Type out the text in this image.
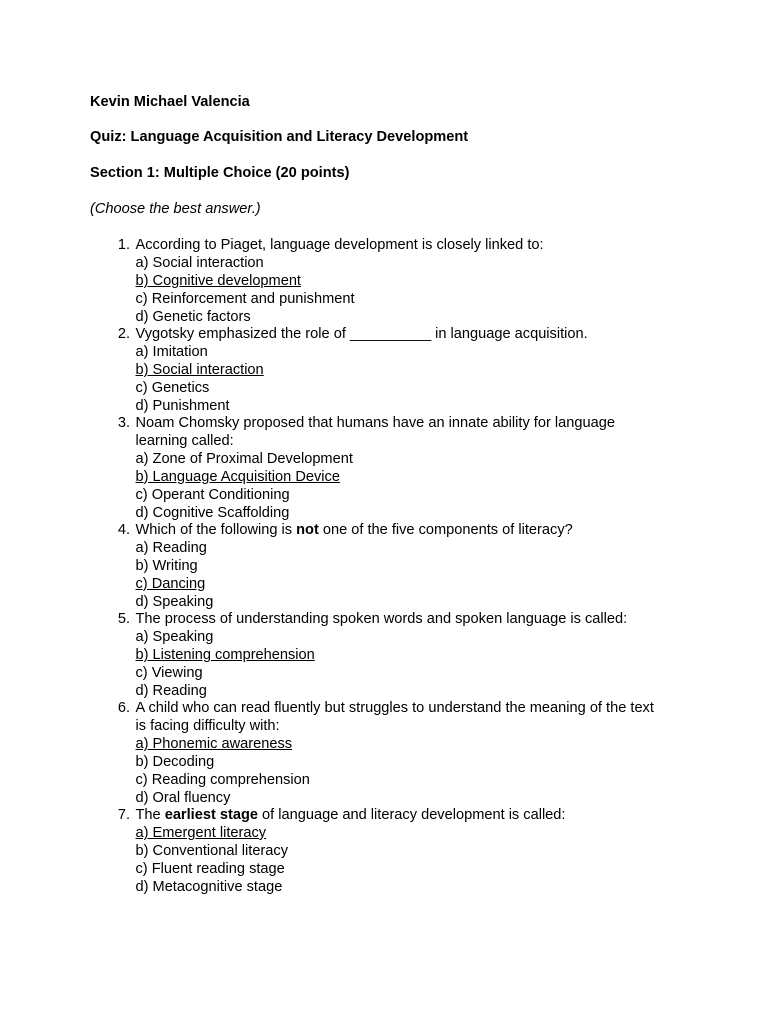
Kevin Michael Valencia
Quiz: Language Acquisition and Literacy Development
Section 1: Multiple Choice (20 points)
(Choose the best answer.)
1. According to Piaget, language development is closely linked to:
a) Social interaction
b) Cognitive development
c) Reinforcement and punishment
d) Genetic factors
2. Vygotsky emphasized the role of __________ in language acquisition.
a) Imitation
b) Social interaction
c) Genetics
d) Punishment
3. Noam Chomsky proposed that humans have an innate ability for language
learning called:
a) Zone of Proximal Development
b) Language Acquisition Device
c) Operant Conditioning
d) Cognitive Scaffolding
4. Which of the following is not one of the five components of literacy?
a) Reading
b) Writing
c) Dancing
d) Speaking
5. The process of understanding spoken words and spoken language is called:
a) Speaking
b) Listening comprehension
c) Viewing
d) Reading
6. A child who can read fluently but struggles to understand the meaning of the text
is facing difficulty with:
a) Phonemic awareness
b) Decoding
c) Reading comprehension
d) Oral fluency
7. The earliest stage of language and literacy development is called:
a) Emergent literacy
b) Conventional literacy
c) Fluent reading stage
d) Metacognitive stage
